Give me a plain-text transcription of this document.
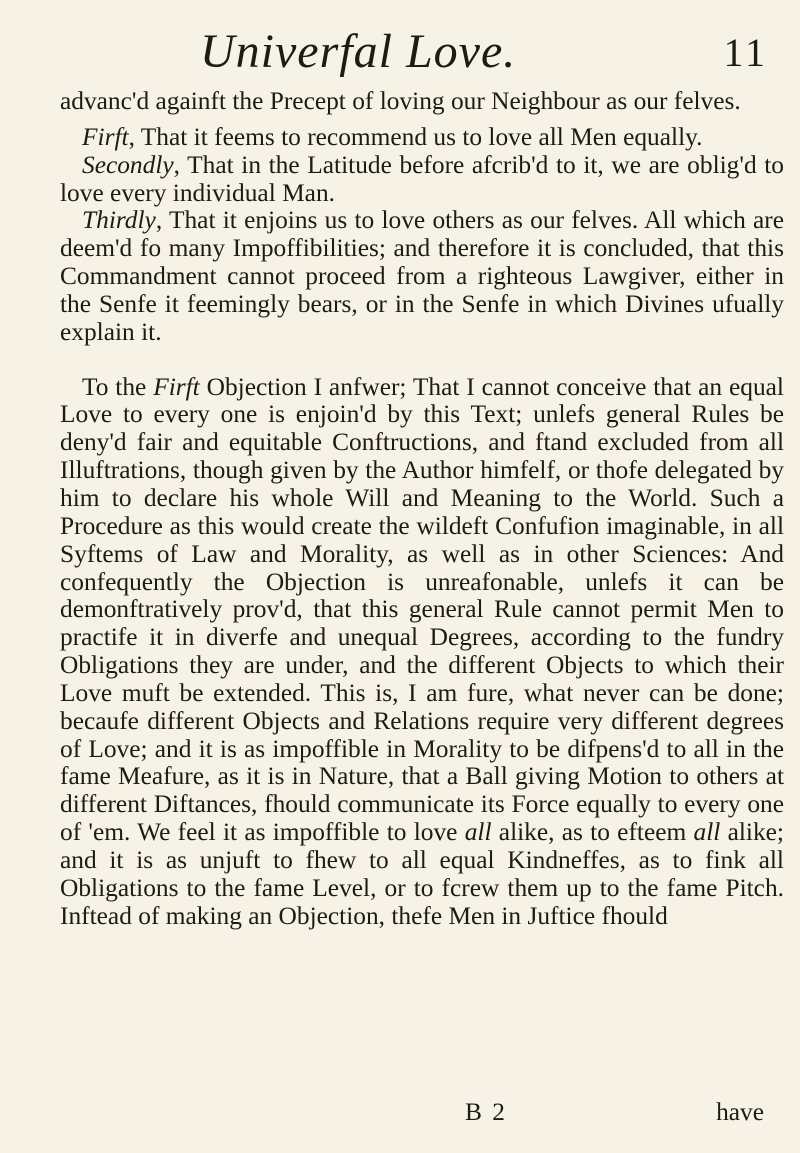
Univerfal Love.	11

advanc'd againft the Precept of loving our Neighbour as our felves.

Firft, That it feems to recommend us to love all Men equally.

Secondly, That in the Latitude before afcrib'd to it, we are oblig'd to love every individual Man.

Thirdly, That it enjoins us to love others as our felves. All which are deem'd fo many Impoffibilities; and therefore it is concluded, that this Commandment cannot proceed from a righteous Lawgiver, either in the Senfe it feemingly bears, or in the Senfe in which Divines ufually explain it.

To the Firft Objection I anfwer; That I cannot conceive that an equal Love to every one is enjoin'd by this Text; unlefs general Rules be deny'd fair and equitable Conftructions, and ftand excluded from all Illuftrations, though given by the Author himfelf, or thofe delegated by him to declare his whole Will and Meaning to the World. Such a Procedure as this would create the wildeft Confufion imaginable, in all Syftems of Law and Morality, as well as in other Sciences: And confequently the Objection is unreafonable, unlefs it can be demonftratively prov'd, that this general Rule cannot permit Men to practife it in diverfe and unequal Degrees, according to the fundry Obligations they are under, and the different Objects to which their Love muft be extended. This is, I am fure, what never can be done; becaufe different Objects and Relations require very different degrees of Love; and it is as impoffible in Morality to be difpens'd to all in the fame Meafure, as it is in Nature, that a Ball giving Motion to others at different Diftances, fhould communicate its Force equally to every one of 'em. We feel it as impoffible to love all alike, as to efteem all alike; and it is as unjuft to fhew to all equal Kindneffes, as to fink all Obligations to the fame Level, or to fcrew them up to the fame Pitch. Inftead of making an Objection, thefe Men in Juftice fhould

B 2	have
